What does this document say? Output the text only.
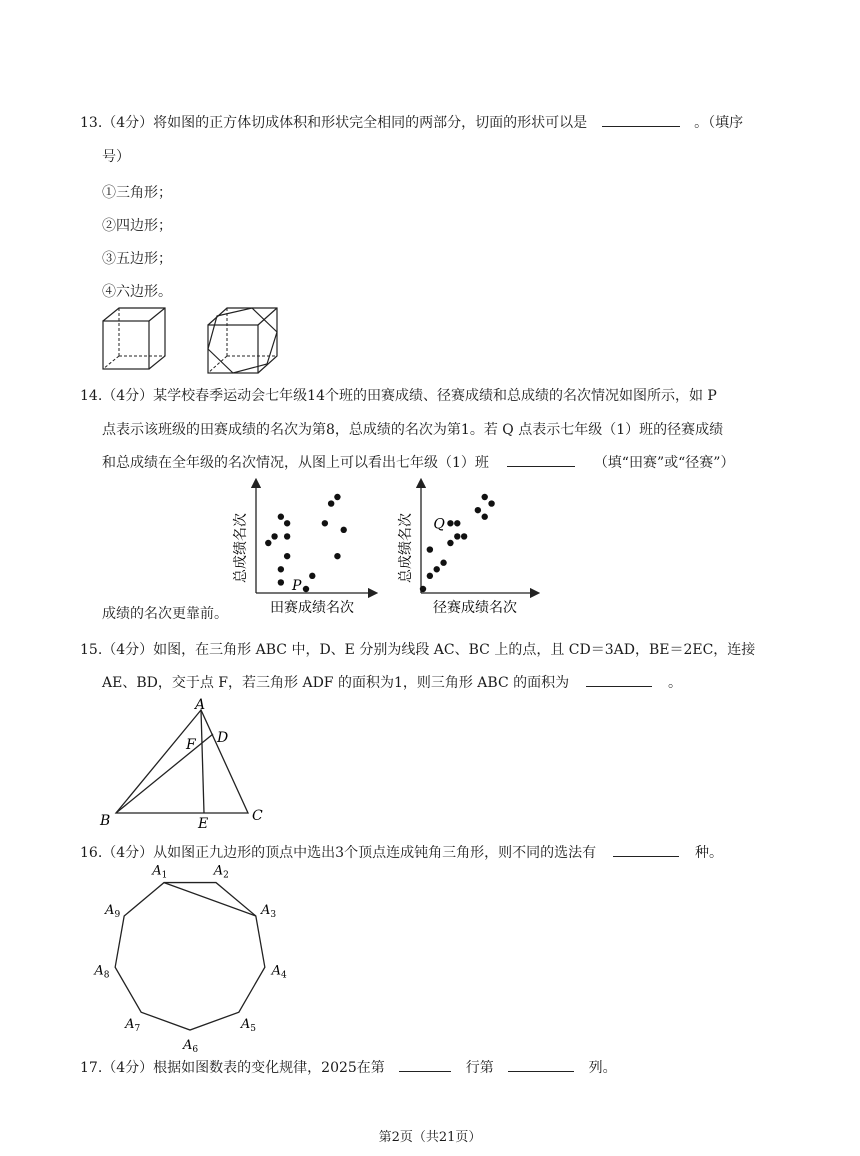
13.（4分）将如图的正方体切成体积和形状完全相同的两部分，切面的形状可以是	。（填序
号）
①三角形；
②四边形；
③五边形；
④六边形。
14.（4分）某学校春季运动会七年级14个班的田赛成绩、径赛成绩和总成绩的名次情况如图所示，如 P
点表示该班级的田赛成绩的名次为第8，总成绩的名次为第1。若 Q 点表示七年级（1）班的径赛成绩
和总成绩在全年级的名次情况，从图上可以看出七年级（1）班	（填“田赛”或“径赛”）
成绩的名次更靠前。
P
总成绩名次
田赛成绩名次
Q
总成绩名次
径赛成绩名次
15.（4分）如图，在三角形 ABC 中，D、E 分别为线段 AC、BC 上的点，且 CD＝3AD，BE＝2EC，连接
AE、BD，交于点 F，若三角形 ADF 的面积为1，则三角形 ABC 的面积为	。
A
B	C
D
E
F
16.（4分）从如图正九边形的顶点中选出3个顶点连成钝角三角形，则不同的选法有	种。
$A_1$	$A_2$
$A_3$
$A_4$
$A_5$
$A_6$
$A_7$
$A_8$
$A_9$
17.（4分）根据如图数表的变化规律，2025在第	行第	列。
第2页（共21页）
